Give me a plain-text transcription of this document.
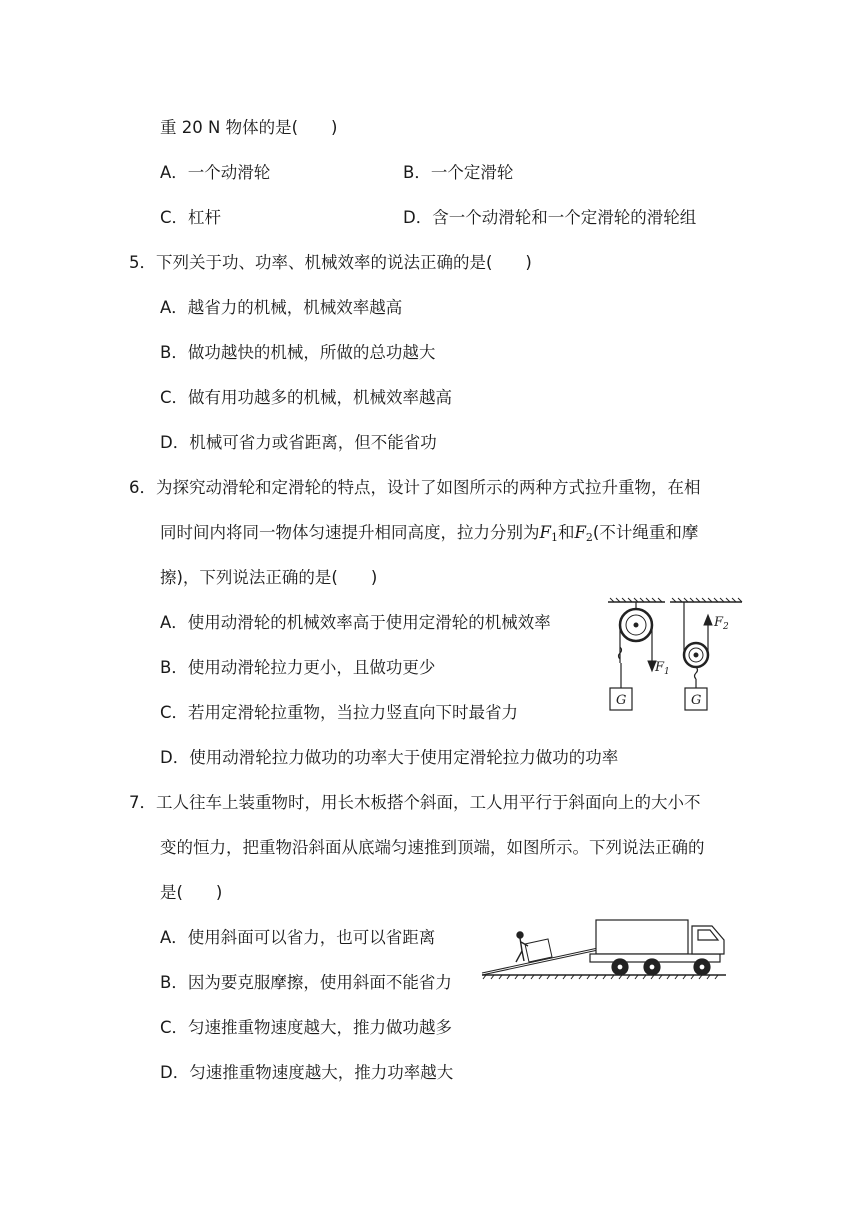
重 20 N 物体的是(　　)
A．一个动滑轮	B．一个定滑轮
C．杠杆	D．含一个动滑轮和一个定滑轮的滑轮组
5．下列关于功、功率、机械效率的说法正确的是(　　)
A．越省力的机械，机械效率越高
B．做功越快的机械，所做的总功越大
C．做有用功越多的机械，机械效率越高
D．机械可省力或省距离，但不能省功
6．为探究动滑轮和定滑轮的特点，设计了如图所示的两种方式拉升重物，在相
同时间内将同一物体匀速提升相同高度，拉力分别为$F_1$和$F_2$(不计绳重和摩
擦)，下列说法正确的是(　　)
A．使用动滑轮的机械效率高于使用定滑轮的机械效率
B．使用动滑轮拉力更小，且做功更少
C．若用定滑轮拉重物，当拉力竖直向下时最省力
D．使用动滑轮拉力做功的功率大于使用定滑轮拉力做功的功率
$F_1$
G
$F_2$
G
7．工人往车上装重物时，用长木板搭个斜面，工人用平行于斜面向上的大小不
变的恒力，把重物沿斜面从底端匀速推到顶端，如图所示。下列说法正确的
是(　　)
A．使用斜面可以省力，也可以省距离
B．因为要克服摩擦，使用斜面不能省力
C．匀速推重物速度越大，推力做功越多
D．匀速推重物速度越大，推力功率越大
